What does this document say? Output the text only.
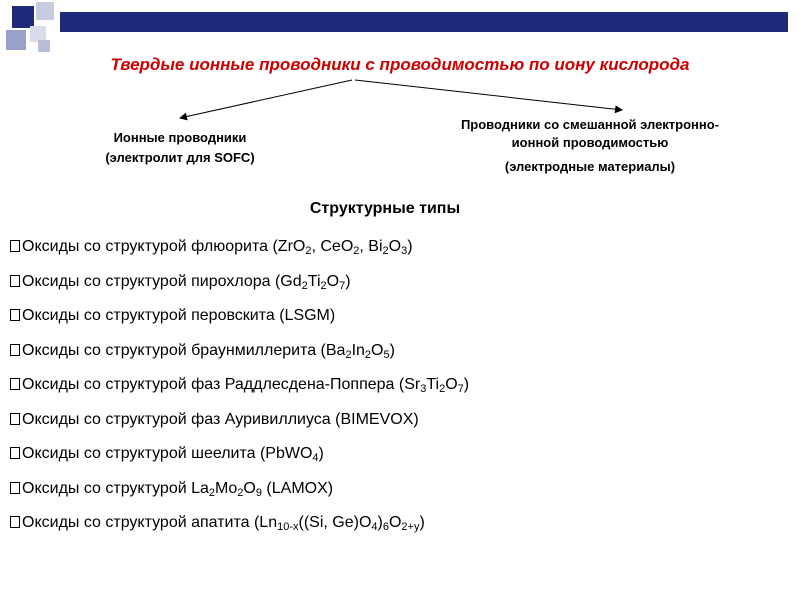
Твердые ионные проводники с проводимостью по иону кислорода
Ионные проводники
(электролит для SOFC)
Проводники со смешанной электронно-
ионной проводимостью
(электродные материалы)
Структурные типы
Оксиды со структурой флюорита (ZrO$_2$, CeO$_2$, $Bi_2O_3$)
Оксиды со структурой пирохлора $(Gd_2Ti_2O_7)$
Оксиды со структурой перовскита (LSGM)
Оксиды со структурой браунмиллерита $(Ba_2In_2O_5)$
Оксиды со структурой фаз Раддлесдена-Поппера $(Sr_3Ti_2O_7)$
Оксиды со структурой фаз Ауривиллиуса (BIMEVOX)
Оксиды со структурой шеелита (PbWO$_4$)
Оксиды со структурой $La_2Mo_2O_9$ (LAMOX)
Оксиды со структурой апатита ($Ln_{10-x}((Si$, $Ge)O_4)_6O_{2+y}$)
